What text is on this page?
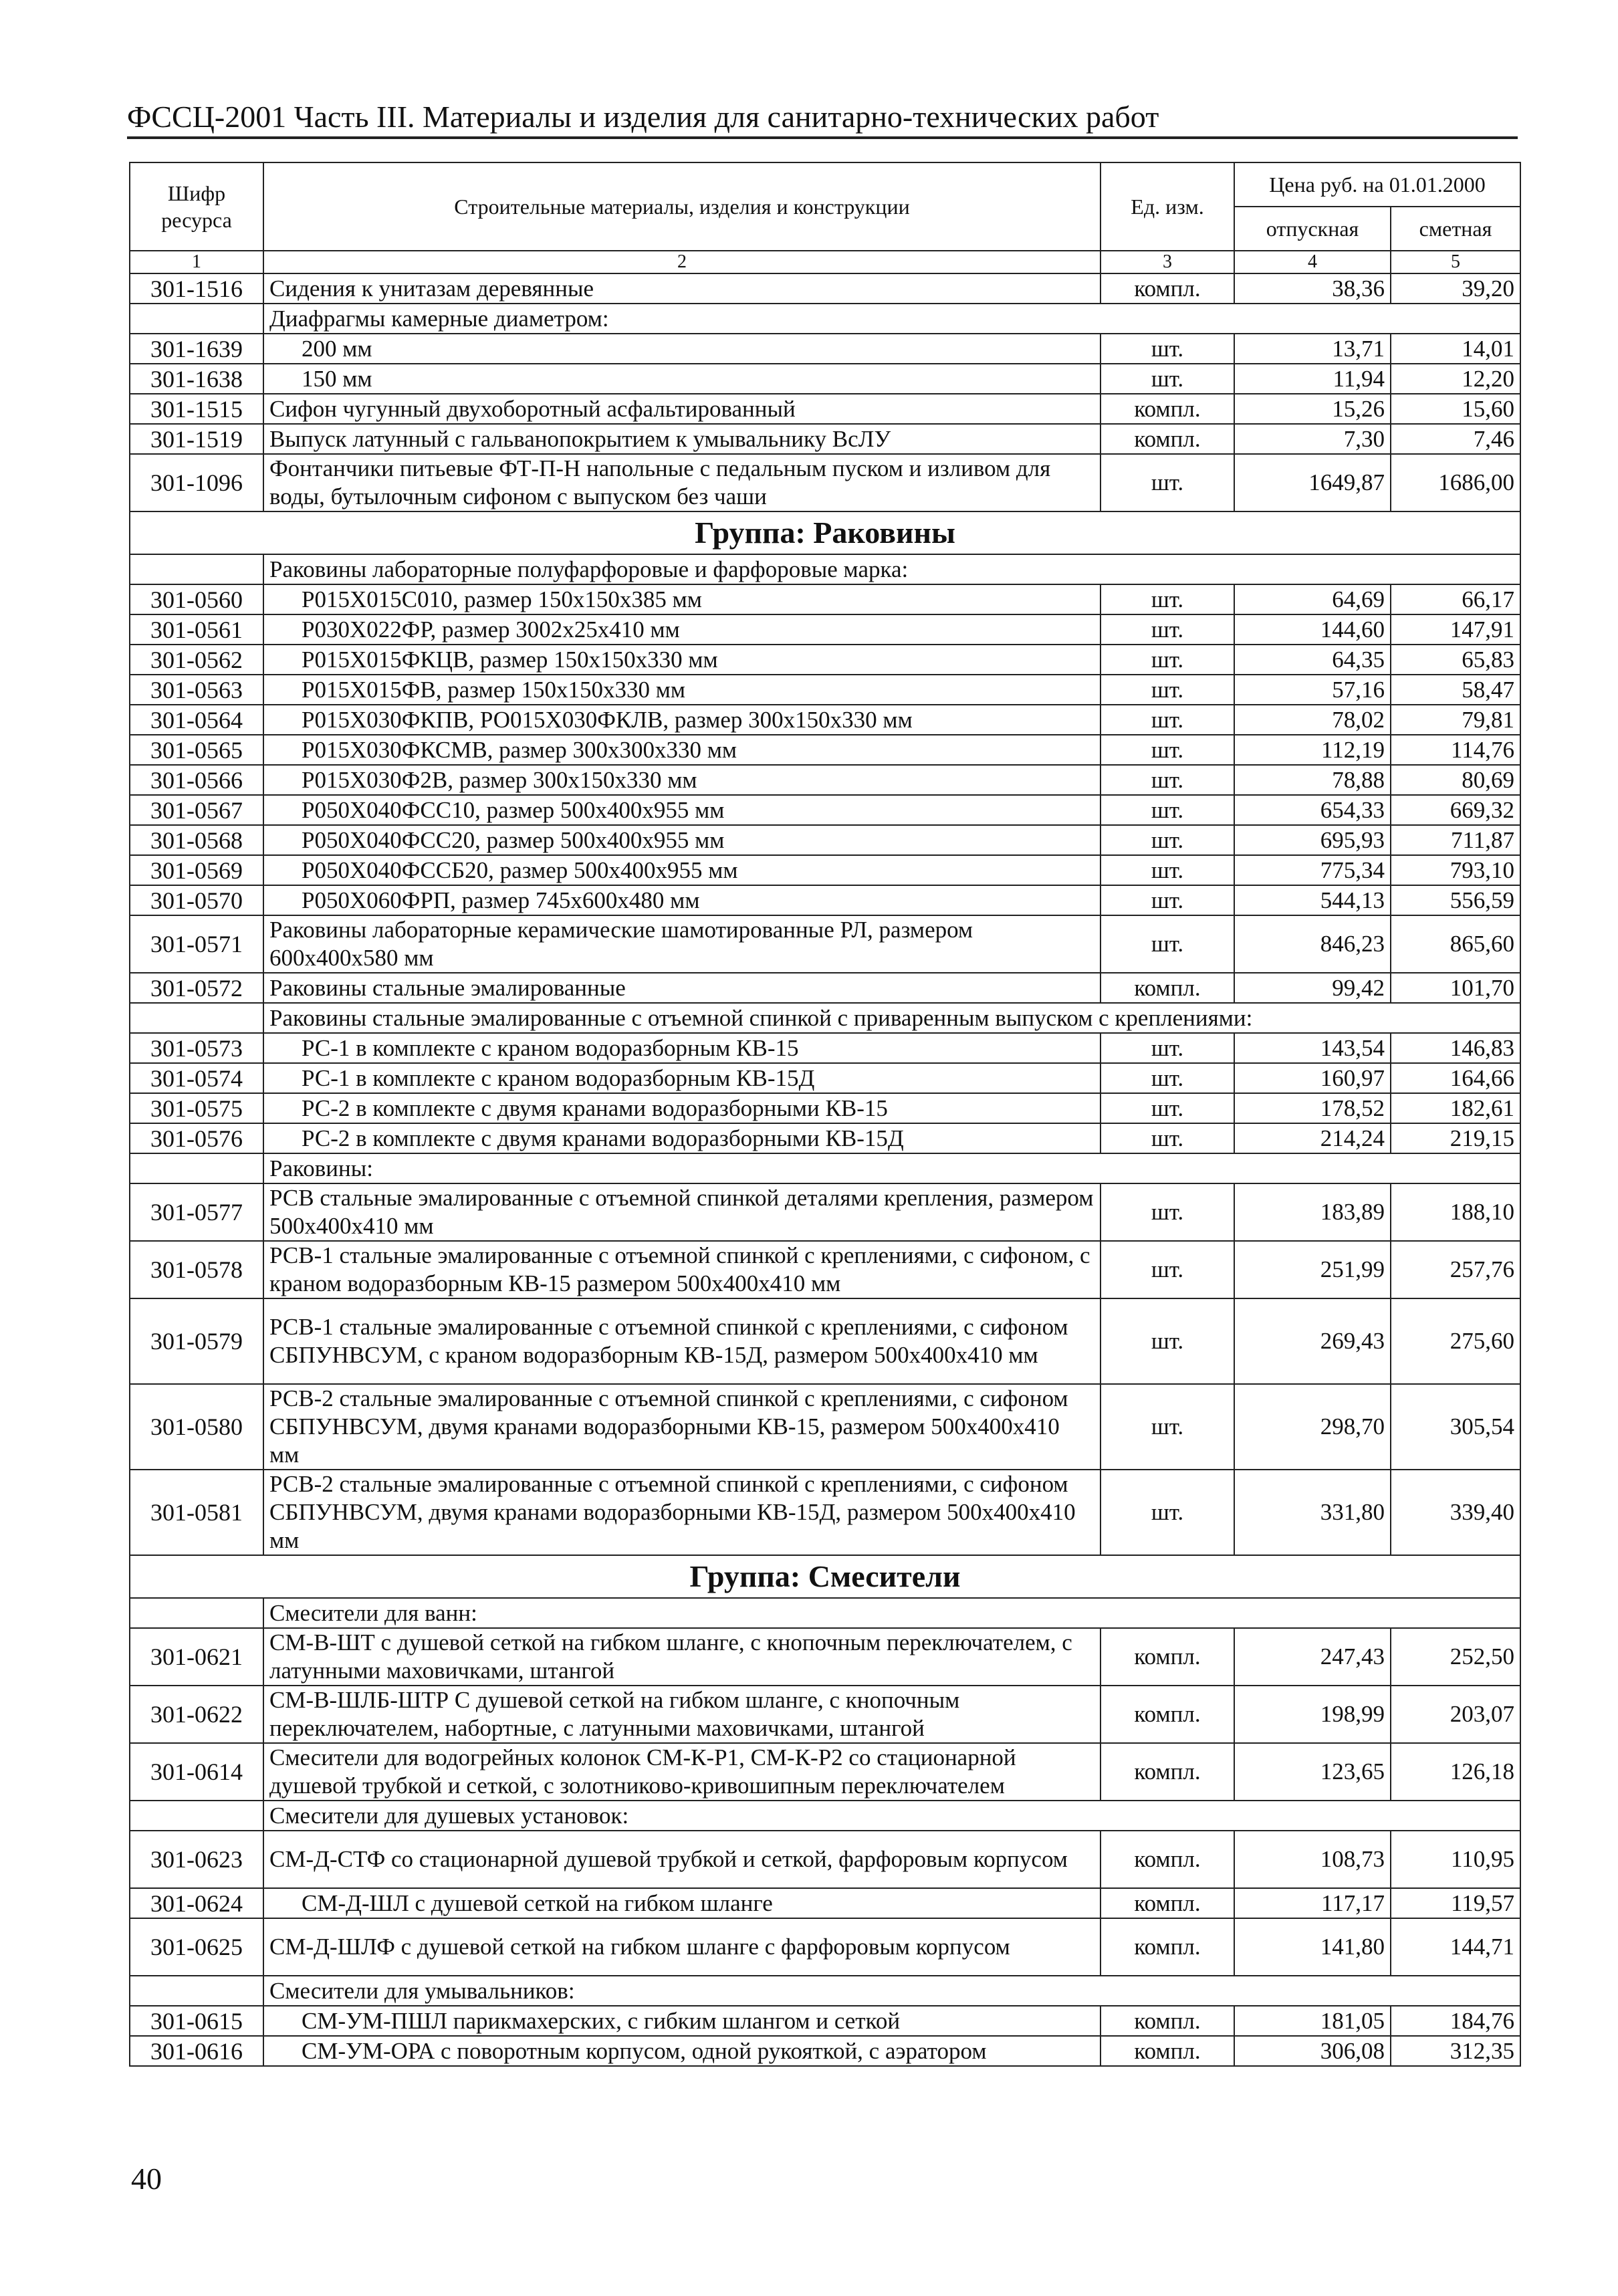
ФССЦ-2001 Часть III. Материалы и изделия для санитарно-технических работ
Шифр ресурса	Строительные материалы, изделия и конструкции	Ед. изм.	Цена руб. на 01.01.2000	
			отпускная	сметная
1	2	3	4	5
301-1516	Сидения к унитазам деревянные	компл.	38,36	39,20
	Диафрагмы камерные диаметром:			
301-1639	200 мм	шт.	13,71	14,01
301-1638	150 мм	шт.	11,94	12,20
301-1515	Сифон чугунный двухоборотный асфальтированный	компл.	15,26	15,60
301-1519	Выпуск латунный с гальванопокрытием к умывальнику ВсЛУ	компл.	7,30	7,46
301-1096	Фонтанчики питьевые ФТ-П-Н напольные с педальным пуском и изливом для воды, бутылочным сифоном с выпуском без чаши	шт.	1649,87	1686,00
Группа: Раковины				
	Раковины лабораторные полуфарфоровые и фарфоровые марка:			
301-0560	Р015Х015С010, размер 150х150х385 мм	шт.	64,69	66,17
301-0561	Р030Х022ФР, размер 3002х25х410 мм	шт.	144,60	147,91
301-0562	Р015Х015ФКЦВ, размер 150х150х330 мм	шт.	64,35	65,83
301-0563	Р015Х015ФВ, размер 150х150х330 мм	шт.	57,16	58,47
301-0564	Р015Х030ФКПВ, РО015Х030ФКЛВ, размер 300х150х330 мм	шт.	78,02	79,81
301-0565	Р015Х030ФКСМВ, размер 300х300х330 мм	шт.	112,19	114,76
301-0566	Р015Х030Ф2В, размер 300х150х330 мм	шт.	78,88	80,69
301-0567	Р050Х040ФСС10, размер 500х400х955 мм	шт.	654,33	669,32
301-0568	Р050Х040ФСС20, размер 500х400х955 мм	шт.	695,93	711,87
301-0569	Р050Х040ФССБ20, размер 500х400х955 мм	шт.	775,34	793,10
301-0570	Р050Х060ФРП, размер 745х600х480 мм	шт.	544,13	556,59
301-0571	Раковины лабораторные керамические шамотированные РЛ, размером 600х400х580 мм	шт.	846,23	865,60
301-0572	Раковины стальные эмалированные	компл.	99,42	101,70
	Раковины стальные эмалированные с отъемной спинкой с приваренным выпуском с креплениями:			
301-0573	РС-1 в комплекте с краном водоразборным КВ-15	шт.	143,54	146,83
301-0574	РС-1 в комплекте с краном водоразборным КВ-15Д	шт.	160,97	164,66
301-0575	РС-2 в комплекте с двумя кранами водоразборными КВ-15	шт.	178,52	182,61
301-0576	РС-2 в комплекте с двумя кранами водоразборными КВ-15Д	шт.	214,24	219,15
	Раковины:			
301-0577	РСВ стальные эмалированные с отъемной спинкой деталями крепления, размером 500х400х410 мм	шт.	183,89	188,10
301-0578	РСВ-1 стальные эмалированные с отъемной спинкой с креплениями, с сифоном, с краном водоразборным КВ-15 размером 500х400х410 мм	шт.	251,99	257,76
301-0579	РСВ-1 стальные эмалированные с отъемной спинкой с креплениями, с сифоном СБПУНВСУМ, с краном водоразборным КВ-15Д, размером 500х400х410 мм	шт.	269,43	275,60
301-0580	РСВ-2 стальные эмалированные с отъемной спинкой с креплениями, с сифоном СБПУНВСУМ, двумя кранами водоразборными КВ-15, размером 500х400х410 мм	шт.	298,70	305,54
301-0581	РСВ-2 стальные эмалированные с отъемной спинкой с креплениями, с сифоном СБПУНВСУМ, двумя кранами водоразборными КВ-15Д, размером 500х400х410 мм	шт.	331,80	339,40
Группа: Смесители				
	Смесители для ванн:			
301-0621	СМ-В-ШТ с душевой сеткой на гибком шланге, с кнопочным переключателем, с латунными маховичками, штангой	компл.	247,43	252,50
301-0622	СМ-В-ШЛБ-ШТР С душевой сеткой на гибком шланге, с кнопочным переключателем, набортные, с латунными маховичками, штангой	компл.	198,99	203,07
301-0614	Смесители для водогрейных колонок СМ-К-Р1, СМ-К-Р2 со стационарной душевой трубкой и сеткой, с золотниково-кривошипным переключателем	компл.	123,65	126,18
	Смесители для душевых установок:			
301-0623	СМ-Д-СТФ со стационарной душевой трубкой и сеткой, фарфоровым корпусом	компл.	108,73	110,95
301-0624	СМ-Д-ШЛ с душевой сеткой на гибком шланге	компл.	117,17	119,57
301-0625	СМ-Д-ШЛФ с душевой сеткой на гибком шланге с фарфоровым корпусом	компл.	141,80	144,71
	Смесители для умывальников:			
301-0615	СМ-УМ-ПШЛ парикмахерских, с гибким шлангом и сеткой	компл.	181,05	184,76
301-0616	СМ-УМ-ОРА с поворотным корпусом, одной рукояткой, с аэратором	компл.	306,08	312,35
40
